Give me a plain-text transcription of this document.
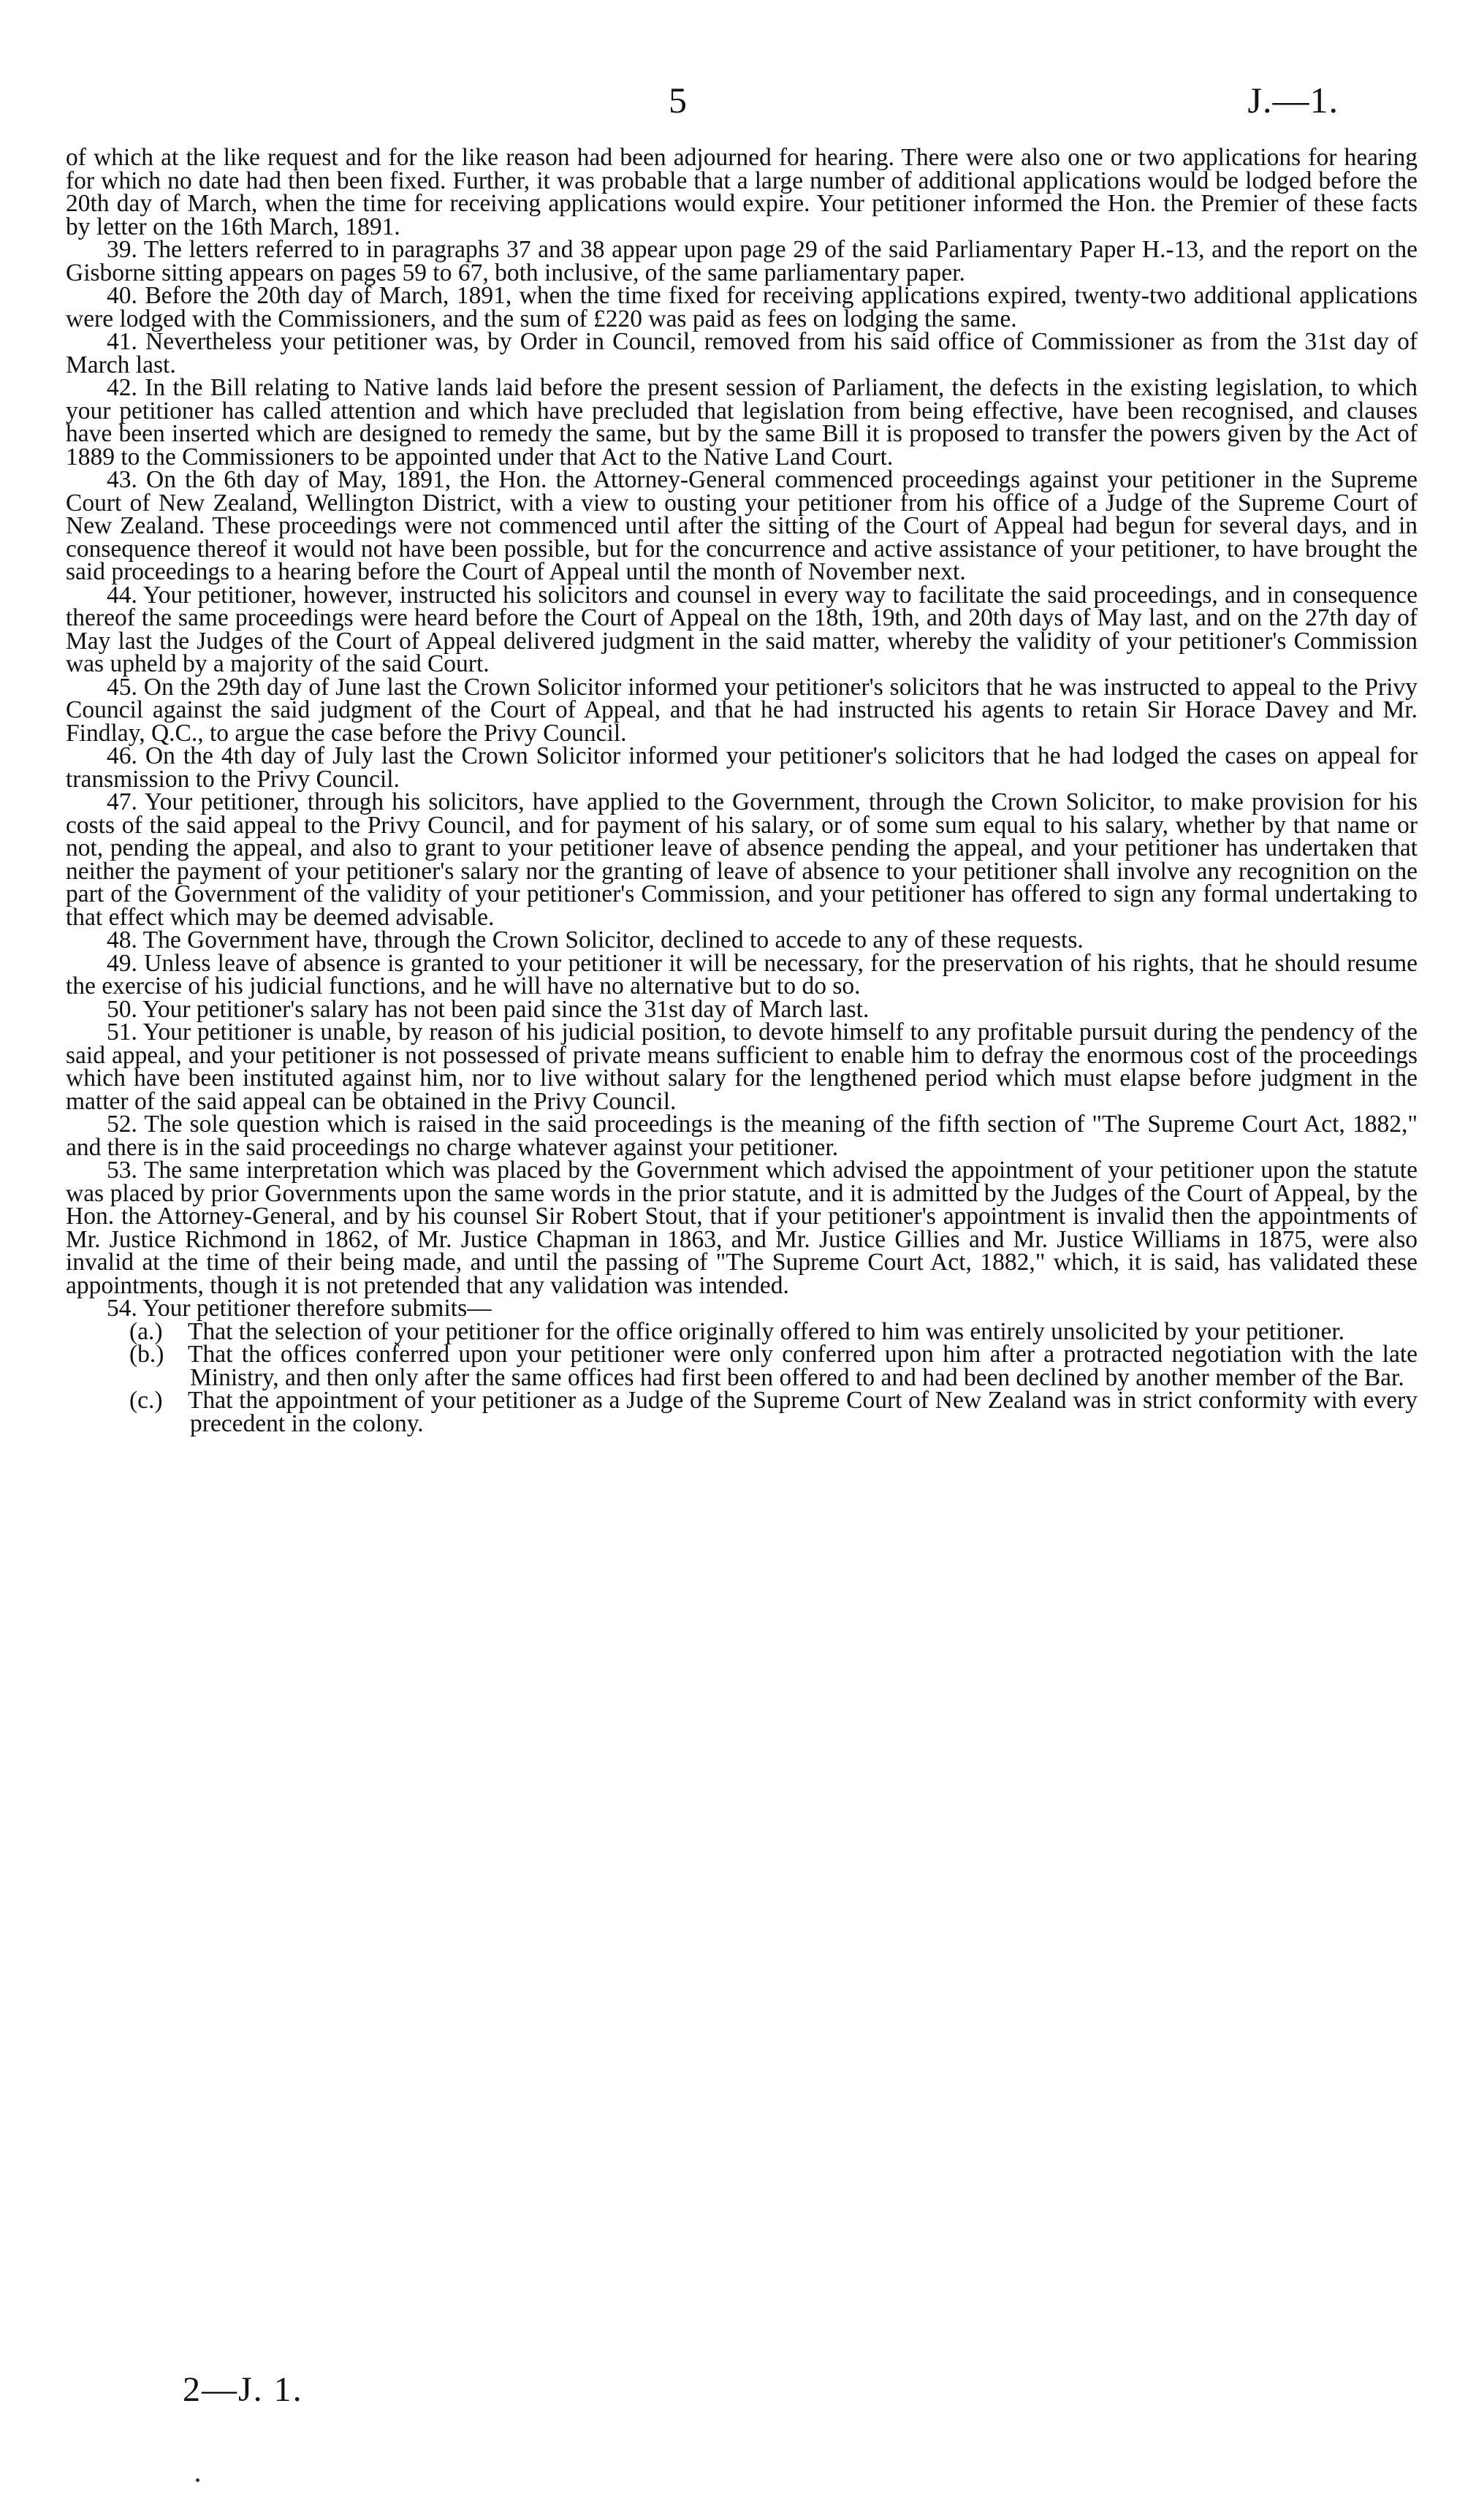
5	J.—1.

of which at the like request and for the like reason had been adjourned for hearing. There were also one or two applications for hearing for which no date had then been fixed. Further, it was probable that a large number of additional applications would be lodged before the 20th day of March, when the time for receiving applications would expire. Your petitioner informed the Hon. the Premier of these facts by letter on the 16th March, 1891.

39. The letters referred to in paragraphs 37 and 38 appear upon page 29 of the said Parliamentary Paper H.-13, and the report on the Gisborne sitting appears on pages 59 to 67, both inclusive, of the same parliamentary paper.

40. Before the 20th day of March, 1891, when the time fixed for receiving applications expired, twenty-two additional applications were lodged with the Commissioners, and the sum of £220 was paid as fees on lodging the same.

41. Nevertheless your petitioner was, by Order in Council, removed from his said office of Commissioner as from the 31st day of March last.

42. In the Bill relating to Native lands laid before the present session of Parliament, the defects in the existing legislation, to which your petitioner has called attention and which have precluded that legislation from being effective, have been recognised, and clauses have been inserted which are designed to remedy the same, but by the same Bill it is proposed to transfer the powers given by the Act of 1889 to the Commissioners to be appointed under that Act to the Native Land Court.

43. On the 6th day of May, 1891, the Hon. the Attorney-General commenced proceedings against your petitioner in the Supreme Court of New Zealand, Wellington District, with a view to ousting your petitioner from his office of a Judge of the Supreme Court of New Zealand. These proceedings were not commenced until after the sitting of the Court of Appeal had begun for several days, and in consequence thereof it would not have been possible, but for the concurrence and active assistance of your petitioner, to have brought the said proceedings to a hearing before the Court of Appeal until the month of November next.

44. Your petitioner, however, instructed his solicitors and counsel in every way to facilitate the said proceedings, and in consequence thereof the same proceedings were heard before the Court of Appeal on the 18th, 19th, and 20th days of May last, and on the 27th day of May last the Judges of the Court of Appeal delivered judgment in the said matter, whereby the validity of your petitioner's Commission was upheld by a majority of the said Court.

45. On the 29th day of June last the Crown Solicitor informed your petitioner's solicitors that he was instructed to appeal to the Privy Council against the said judgment of the Court of Appeal, and that he had instructed his agents to retain Sir Horace Davey and Mr. Findlay, Q.C., to argue the case before the Privy Council.

46. On the 4th day of July last the Crown Solicitor informed your petitioner's solicitors that he had lodged the cases on appeal for transmission to the Privy Council.

47. Your petitioner, through his solicitors, have applied to the Government, through the Crown Solicitor, to make provision for his costs of the said appeal to the Privy Council, and for payment of his salary, or of some sum equal to his salary, whether by that name or not, pending the appeal, and also to grant to your petitioner leave of absence pending the appeal, and your petitioner has undertaken that neither the payment of your petitioner's salary nor the granting of leave of absence to your petitioner shall involve any recognition on the part of the Government of the validity of your petitioner's Commission, and your petitioner has offered to sign any formal undertaking to that effect which may be deemed advisable.

48. The Government have, through the Crown Solicitor, declined to accede to any of these requests.

49. Unless leave of absence is granted to your petitioner it will be necessary, for the preservation of his rights, that he should resume the exercise of his judicial functions, and he will have no alternative but to do so.

50. Your petitioner's salary has not been paid since the 31st day of March last.

51. Your petitioner is unable, by reason of his judicial position, to devote himself to any profitable pursuit during the pendency of the said appeal, and your petitioner is not possessed of private means sufficient to enable him to defray the enormous cost of the proceedings which have been instituted against him, nor to live without salary for the lengthened period which must elapse before judgment in the matter of the said appeal can be obtained in the Privy Council.

52. The sole question which is raised in the said proceedings is the meaning of the fifth section of "The Supreme Court Act, 1882," and there is in the said proceedings no charge whatever against your petitioner.

53. The same interpretation which was placed by the Government which advised the appointment of your petitioner upon the statute was placed by prior Governments upon the same words in the prior statute, and it is admitted by the Judges of the Court of Appeal, by the Hon. the Attorney-General, and by his counsel Sir Robert Stout, that if your petitioner's appointment is invalid then the appointments of Mr. Justice Richmond in 1862, of Mr. Justice Chapman in 1863, and Mr. Justice Gillies and Mr. Justice Williams in 1875, were also invalid at the time of their being made, and until the passing of "The Supreme Court Act, 1882," which, it is said, has validated these appointments, though it is not pretended that any validation was intended.

54. Your petitioner therefore submits—

(a.) That the selection of your petitioner for the office originally offered to him was entirely unsolicited by your petitioner.

(b.) That the offices conferred upon your petitioner were only conferred upon him after a protracted negotiation with the late Ministry, and then only after the same offices had first been offered to and had been declined by another member of the Bar.

(c.) That the appointment of your petitioner as a Judge of the Supreme Court of New Zealand was in strict conformity with every precedent in the colony.

2—J. 1.
